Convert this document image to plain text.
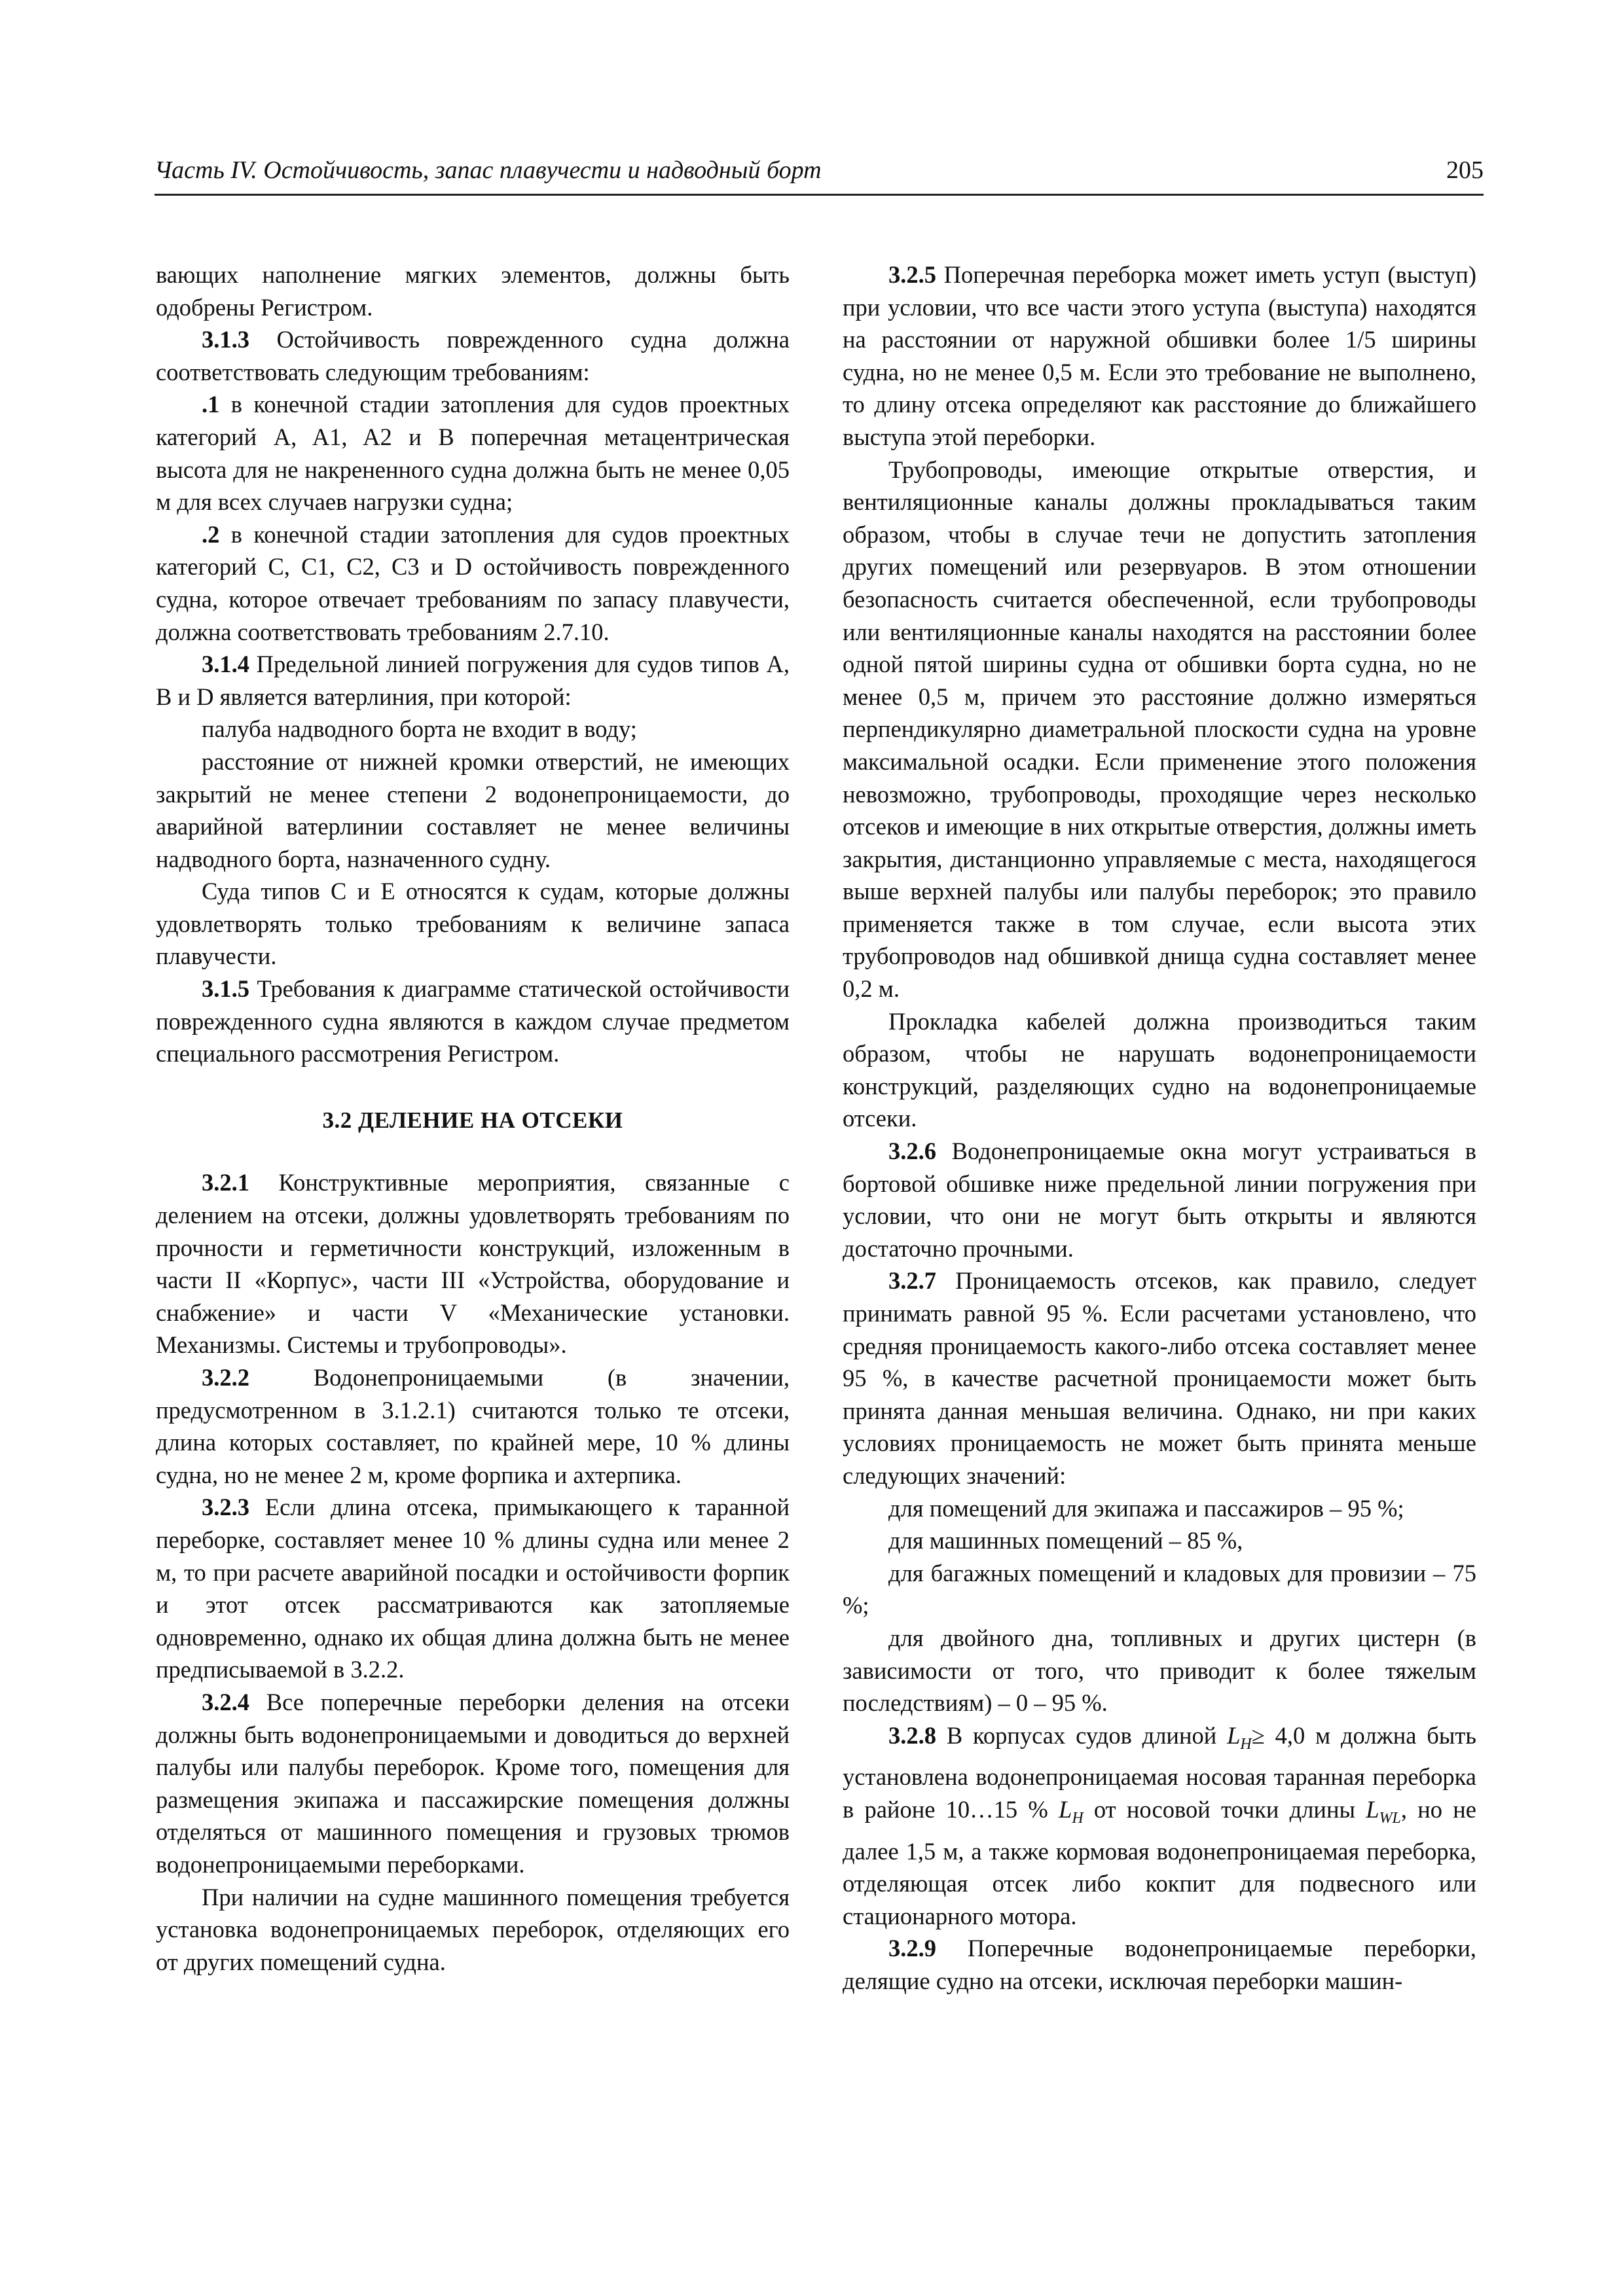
Часть IV. Остойчивость, запас плавучести и надводный борт	205

вающих наполнение мягких элементов, должны быть одобрены Регистром.

3.1.3 Остойчивость поврежденного судна должна соответствовать следующим требованиям:

.1 в конечной стадии затопления для судов проектных категорий A, A1, A2 и B поперечная метацентрическая высота для не накрененного судна должна быть не менее 0,05 м для всех случаев нагрузки судна;

.2 в конечной стадии затопления для судов проектных категорий C, C1, C2, C3 и D остойчивость поврежденного судна, которое отвечает требованиям по запасу плавучести, должна соответствовать требованиям 2.7.10.

3.1.4 Предельной линией погружения для судов типов А, В и D является ватерлиния, при которой:

палуба надводного борта не входит в воду;

расстояние от нижней кромки отверстий, не имеющих закрытий не менее степени 2 водонепроницаемости, до аварийной ватерлинии составляет не менее величины надводного борта, назначенного судну.

Суда типов С и Е относятся к судам, которые должны удовлетворять только требованиям к величине запаса плавучести.

3.1.5 Требования к диаграмме статической остойчивости поврежденного судна являются в каждом случае предметом специального рассмотрения Регистром.

3.2 ДЕЛЕНИЕ НА ОТСЕКИ

3.2.1 Конструктивные мероприятия, связанные с делением на отсеки, должны удовлетворять требованиям по прочности и герметичности конструкций, изложенным в части II «Корпус», части III «Устройства, оборудование и снабжение» и части V «Механические установки. Механизмы. Системы и трубопроводы».

3.2.2 Водонепроницаемыми (в значении, предусмотренном в 3.1.2.1) считаются только те отсеки, длина которых составляет, по крайней мере, 10 % длины судна, но не менее 2 м, кроме форпика и ахтерпика.

3.2.3 Если длина отсека, примыкающего к таранной переборке, составляет менее 10 % длины судна или менее 2 м, то при расчете аварийной посадки и остойчивости форпик и этот отсек рассматриваются как затопляемые одновременно, однако их общая длина должна быть не менее предписываемой в 3.2.2.

3.2.4 Все поперечные переборки деления на отсеки должны быть водонепроницаемыми и доводиться до верхней палубы или палубы переборок. Кроме того, помещения для размещения экипажа и пассажирские помещения должны отделяться от машинного помещения и грузовых трюмов водонепроницаемыми переборками.

При наличии на судне машинного помещения требуется установка водонепроницаемых переборок, отделяющих его от других помещений судна.

3.2.5 Поперечная переборка может иметь уступ (выступ) при условии, что все части этого уступа (выступа) находятся на расстоянии от наружной обшивки более 1/5 ширины судна, но не менее 0,5 м. Если это требование не выполнено, то длину отсека определяют как расстояние до ближайшего выступа этой переборки.

Трубопроводы, имеющие открытые отверстия, и вентиляционные каналы должны прокладываться таким образом, чтобы в случае течи не допустить затопления других помещений или резервуаров. В этом отношении безопасность считается обеспеченной, если трубопроводы или вентиляционные каналы находятся на расстоянии более одной пятой ширины судна от обшивки борта судна, но не менее 0,5 м, причем это расстояние должно измеряться перпендикулярно диаметральной плоскости судна на уровне максимальной осадки. Если применение этого положения невозможно, трубопроводы, проходящие через несколько отсеков и имеющие в них открытые отверстия, должны иметь закрытия, дистанционно управляемые с места, находящегося выше верхней палубы или палубы переборок; это правило применяется также в том случае, если высота этих трубопроводов над обшивкой днища судна составляет менее 0,2 м.

Прокладка кабелей должна производиться таким образом, чтобы не нарушать водонепроницаемости конструкций, разделяющих судно на водонепроницаемые отсеки.

3.2.6 Водонепроницаемые окна могут устраиваться в бортовой обшивке ниже предельной линии погружения при условии, что они не могут быть открыты и являются достаточно прочными.

3.2.7 Проницаемость отсеков, как правило, следует принимать равной 95 %. Если расчетами установлено, что средняя проницаемость какого-либо отсека составляет менее 95 %, в качестве расчетной проницаемости может быть принята данная меньшая величина. Однако, ни при каких условиях проницаемость не может быть принята меньше следующих значений:

для помещений для экипажа и пассажиров – 95 %;

для машинных помещений – 85 %,

для багажных помещений и кладовых для провизии – 75 %;

для двойного дна, топливных и других цистерн (в зависимости от того, что приводит к более тяжелым последствиям) – 0 – 95 %.

3.2.8 В корпусах судов длиной $L_H\ge 4,0$ м должна быть установлена водонепроницаемая носовая таранная переборка в районе 10…15 % $L_H$ от носовой точки длины $L_{WL}$, но не далее 1,5 м, а также кормовая водонепроницаемая переборка, отделяющая отсек либо кокпит для подвесного или стационарного мотора.

3.2.9 Поперечные водонепроницаемые переборки, делящие судно на отсеки, исключая переборки машин-
